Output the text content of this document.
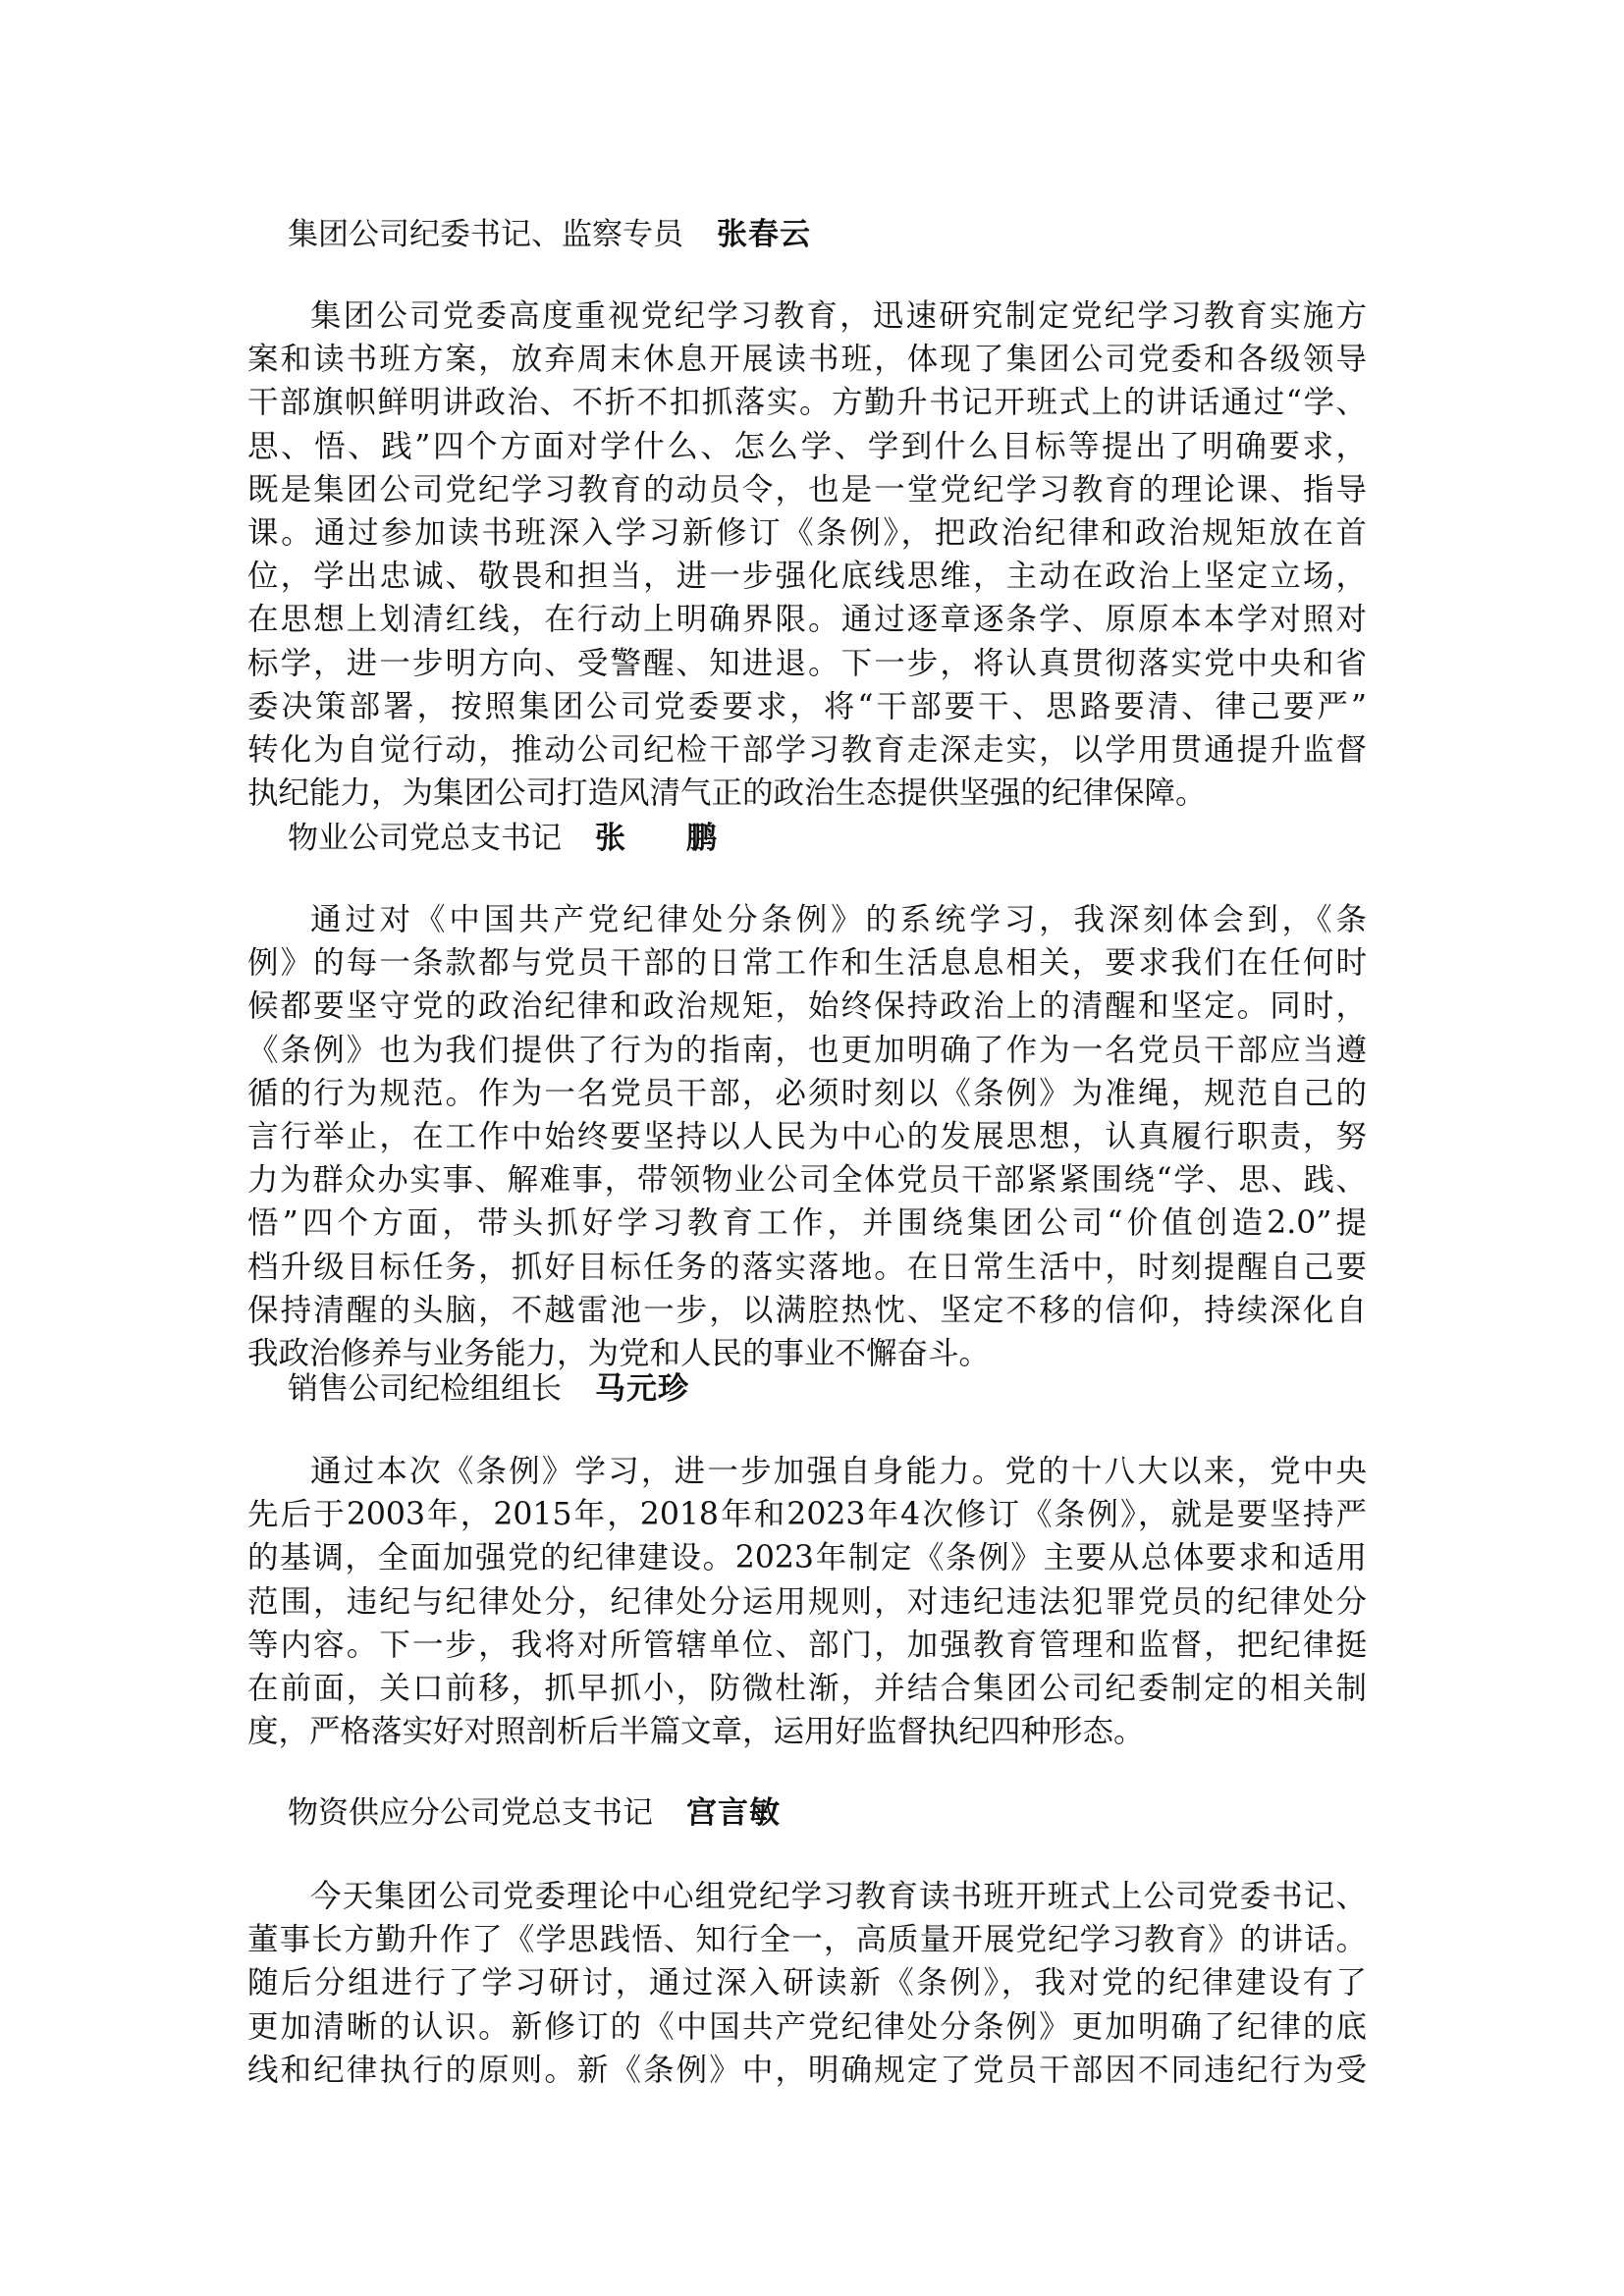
集团公司纪委书记、监察专员 张春云
集团公司党委高度重视党纪学习教育，迅速研究制定党纪学习教育实施方
案和读书班方案，放弃周末休息开展读书班，体现了集团公司党委和各级领导
干部旗帜鲜明讲政治、不折不扣抓落实。方勤升书记开班式上的讲话通过“学、
思、悟、践”四个方面对学什么、怎么学、学到什么目标等提出了明确要求，
既是集团公司党纪学习教育的动员令，也是一堂党纪学习教育的理论课、指导
课。通过参加读书班深入学习新修订《条例》，把政治纪律和政治规矩放在首
位，学出忠诚、敬畏和担当，进一步强化底线思维，主动在政治上坚定立场，
在思想上划清红线，在行动上明确界限。通过逐章逐条学、原原本本学对照对
标学，进一步明方向、受警醒、知进退。下一步，将认真贯彻落实党中央和省
委决策部署，按照集团公司党委要求，将“干部要干、思路要清、律己要严”
转化为自觉行动，推动公司纪检干部学习教育走深走实，以学用贯通提升监督
执纪能力，为集团公司打造风清气正的政治生态提供坚强的纪律保障。
物业公司党总支书记 张　　鹏
通过对《中国共产党纪律处分条例》的系统学习，我深刻体会到，《条
例》的每一条款都与党员干部的日常工作和生活息息相关，要求我们在任何时
候都要坚守党的政治纪律和政治规矩，始终保持政治上的清醒和坚定。同时，
《条例》也为我们提供了行为的指南，也更加明确了作为一名党员干部应当遵
循的行为规范。作为一名党员干部，必须时刻以《条例》为准绳，规范自己的
言行举止，在工作中始终要坚持以人民为中心的发展思想，认真履行职责，努
力为群众办实事、解难事，带领物业公司全体党员干部紧紧围绕“学、思、践、
悟”四个方面，带头抓好学习教育工作，并围绕集团公司“价值创造2.0”提
档升级目标任务，抓好目标任务的落实落地。在日常生活中，时刻提醒自己要
保持清醒的头脑，不越雷池一步，以满腔热忱、坚定不移的信仰，持续深化自
我政治修养与业务能力，为党和人民的事业不懈奋斗。
销售公司纪检组组长 马元珍
通过本次《条例》学习，进一步加强自身能力。党的十八大以来，党中央
先后于2003年，2015年，2018年和2023年4次修订《条例》，就是要坚持严
的基调，全面加强党的纪律建设。2023年制定《条例》主要从总体要求和适用
范围，违纪与纪律处分，纪律处分运用规则，对违纪违法犯罪党员的纪律处分
等内容。下一步，我将对所管辖单位、部门，加强教育管理和监督，把纪律挺
在前面，关口前移，抓早抓小，防微杜渐，并结合集团公司纪委制定的相关制
度，严格落实好对照剖析后半篇文章，运用好监督执纪四种形态。
物资供应分公司党总支书记 宫言敏
今天集团公司党委理论中心组党纪学习教育读书班开班式上公司党委书记、
董事长方勤升作了《学思践悟、知行全一，高质量开展党纪学习教育》的讲话。
随后分组进行了学习研讨，通过深入研读新《条例》，我对党的纪律建设有了
更加清晰的认识。新修订的《中国共产党纪律处分条例》更加明确了纪律的底
线和纪律执行的原则。新《条例》中，明确规定了党员干部因不同违纪行为受
